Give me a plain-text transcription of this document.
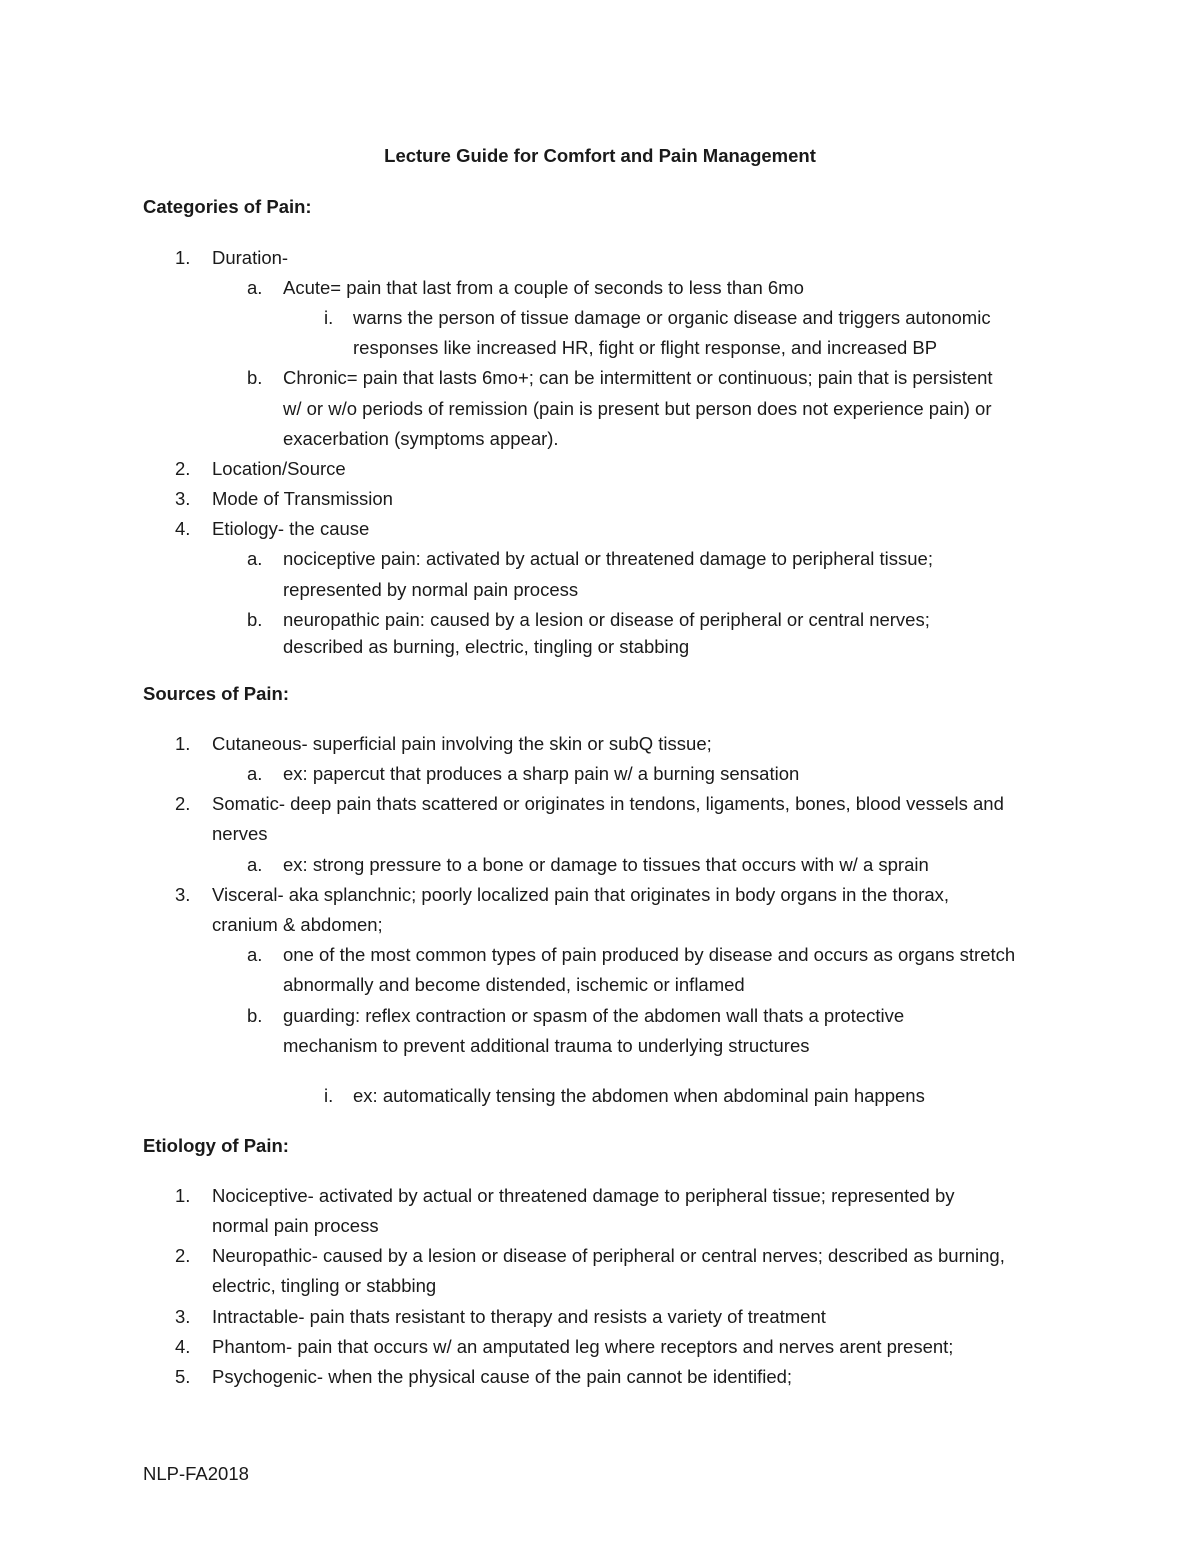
Lecture Guide for Comfort and Pain Management
Categories of Pain:
1. Duration-
a. Acute= pain that last from a couple of seconds to less than 6mo
i. warns the person of tissue damage or organic disease and triggers autonomic
responses like increased HR, fight or flight response, and increased BP
b. Chronic= pain that lasts 6mo+; can be intermittent or continuous; pain that is persistent
w/ or w/o periods of remission (pain is present but person does not experience pain) or
exacerbation (symptoms appear).
2. Location/Source
3. Mode of Transmission
4. Etiology- the cause
a. nociceptive pain: activated by actual or threatened damage to peripheral tissue;
represented by normal pain process
b. neuropathic pain: caused by a lesion or disease of peripheral or central nerves;
described as burning, electric, tingling or stabbing
Sources of Pain:
1. Cutaneous- superficial pain involving the skin or subQ tissue;
a. ex: papercut that produces a sharp pain w/ a burning sensation
2. Somatic- deep pain thats scattered or originates in tendons, ligaments, bones, blood vessels and
nerves
a. ex: strong pressure to a bone or damage to tissues that occurs with w/ a sprain
3. Visceral- aka splanchnic; poorly localized pain that originates in body organs in the thorax,
cranium & abdomen;
a. one of the most common types of pain produced by disease and occurs as organs stretch
abnormally and become distended, ischemic or inflamed
b. guarding: reflex contraction or spasm of the abdomen wall thats a protective
mechanism to prevent additional trauma to underlying structures
i. ex: automatically tensing the abdomen when abdominal pain happens
Etiology of Pain:
1. Nociceptive- activated by actual or threatened damage to peripheral tissue; represented by
normal pain process
2. Neuropathic- caused by a lesion or disease of peripheral or central nerves; described as burning,
electric, tingling or stabbing
3. Intractable- pain thats resistant to therapy and resists a variety of treatment
4. Phantom- pain that occurs w/ an amputated leg where receptors and nerves arent present;
5. Psychogenic- when the physical cause of the pain cannot be identified;
NLP-FA2018
